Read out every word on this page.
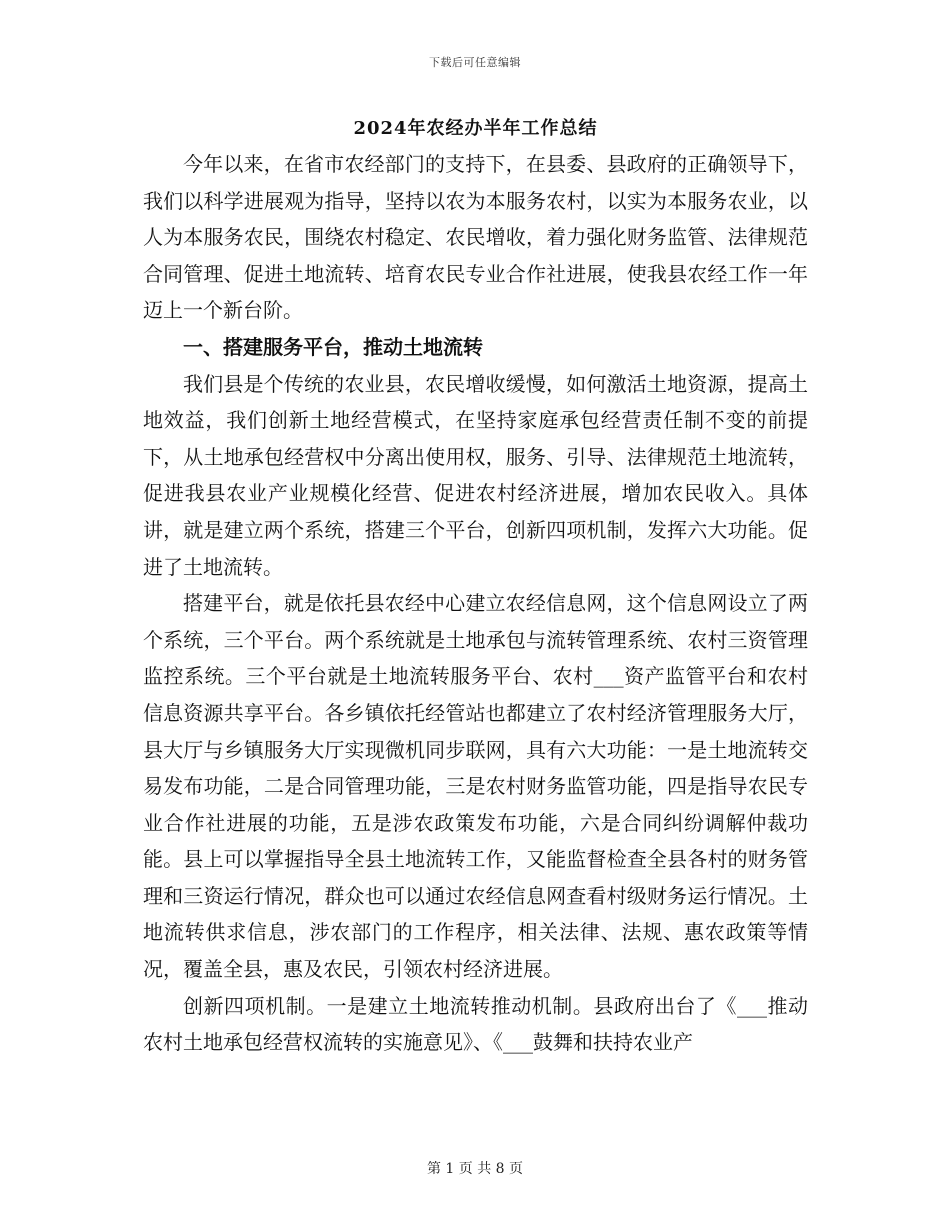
下载后可任意编辑
2024年农经办半年工作总结

今年以来，在省市农经部门的支持下，在县委、县政府的正确领导下，我们以科学进展观为指导，坚持以农为本服务农村，以实为本服务农业，以人为本服务农民，围绕农村稳定、农民增收，着力强化财务监管、法律规范合同管理、促进土地流转、培育农民专业合作社进展，使我县农经工作一年迈上一个新台阶。

一、搭建服务平台，推动土地流转

我们县是个传统的农业县，农民增收缓慢，如何激活土地资源，提高土地效益，我们创新土地经营模式，在坚持家庭承包经营责任制不变的前提下，从土地承包经营权中分离出使用权，服务、引导、法律规范土地流转，促进我县农业产业规模化经营、促进农村经济进展，增加农民收入。具体讲，就是建立两个系统，搭建三个平台，创新四项机制，发挥六大功能。促进了土地流转。

搭建平台，就是依托县农经中心建立农经信息网，这个信息网设立了两个系统，三个平台。两个系统就是土地承包与流转管理系统、农村三资管理监控系统。三个平台就是土地流转服务平台、农村___资产监管平台和农村信息资源共享平台。各乡镇依托经管站也都建立了农村经济管理服务大厅，县大厅与乡镇服务大厅实现微机同步联网，具有六大功能：一是土地流转交易发布功能，二是合同管理功能，三是农村财务监管功能，四是指导农民专业合作社进展的功能，五是涉农政策发布功能，六是合同纠纷调解仲裁功能。县上可以掌握指导全县土地流转工作，又能监督检查全县各村的财务管理和三资运行情况，群众也可以通过农经信息网查看村级财务运行情况。土地流转供求信息，涉农部门的工作程序，相关法律、法规、惠农政策等情况，覆盖全县，惠及农民，引领农村经济进展。

创新四项机制。一是建立土地流转推动机制。县政府出台了《___推动农村土地承包经营权流转的实施意见》、《___鼓舞和扶持农业产

第 1 页 共 8 页
